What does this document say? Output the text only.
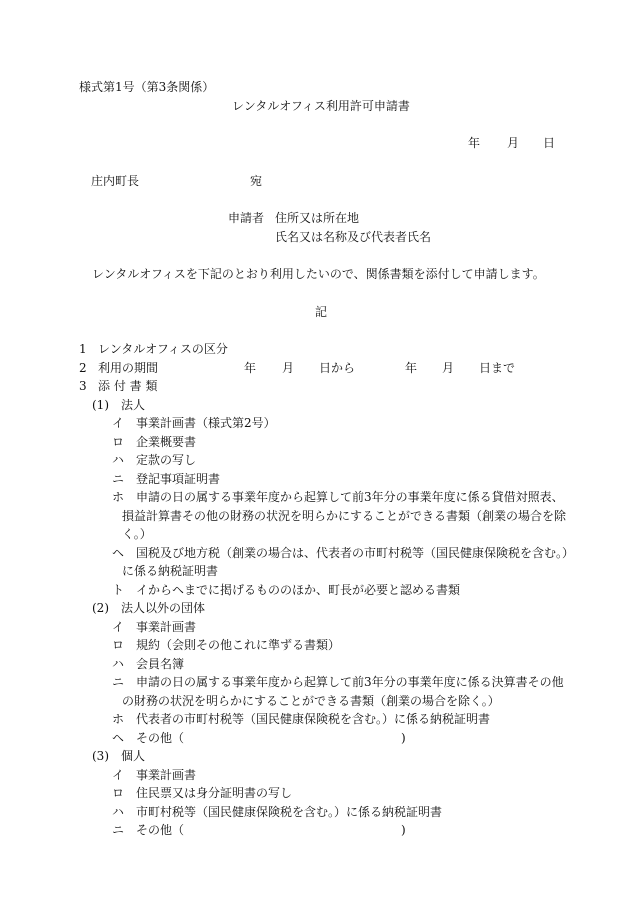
様式第1号（第3条関係）
レンタルオフィス利用許可申請書
年 月 日
庄内町長	宛
申請者 住所又は所在地
氏名又は名称及び代表者氏名
レンタルオフィスを下記のとおり利用したいので、関係書類を添付して申請します。
記
1 レンタルオフィスの区分
2 利用の期間	年 月 日から	年 月 日まで
3 添 付 書 類
(1)　法人
イ　事業計画書（様式第2号）
ロ　企業概要書
ハ　定款の写し
ニ　登記事項証明書
ホ　申請の日の属する事業年度から起算して前3年分の事業年度に係る貸借対照表、
損益計算書その他の財務の状況を明らかにすることができる書類（創業の場合を除
く。）
ヘ　国税及び地方税（創業の場合は、代表者の市町村税等（国民健康保険税を含む。）
に係る納税証明書
ト　イからヘまでに掲げるもののほか、町長が必要と認める書類
(2)　法人以外の団体
イ　事業計画書
ロ　規約（会則その他これに準ずる書類）
ハ　会員名簿
ニ　申請の日の属する事業年度から起算して前3年分の事業年度に係る決算書その他
の財務の状況を明らかにすることができる書類（創業の場合を除く。）
ホ　代表者の市町村税等（国民健康保険税を含む。）に係る納税証明書
ヘ　その他（	)
(3)　個人
イ　事業計画書
ロ　住民票又は身分証明書の写し
ハ　市町村税等（国民健康保険税を含む。）に係る納税証明書
ニ　その他（	)
